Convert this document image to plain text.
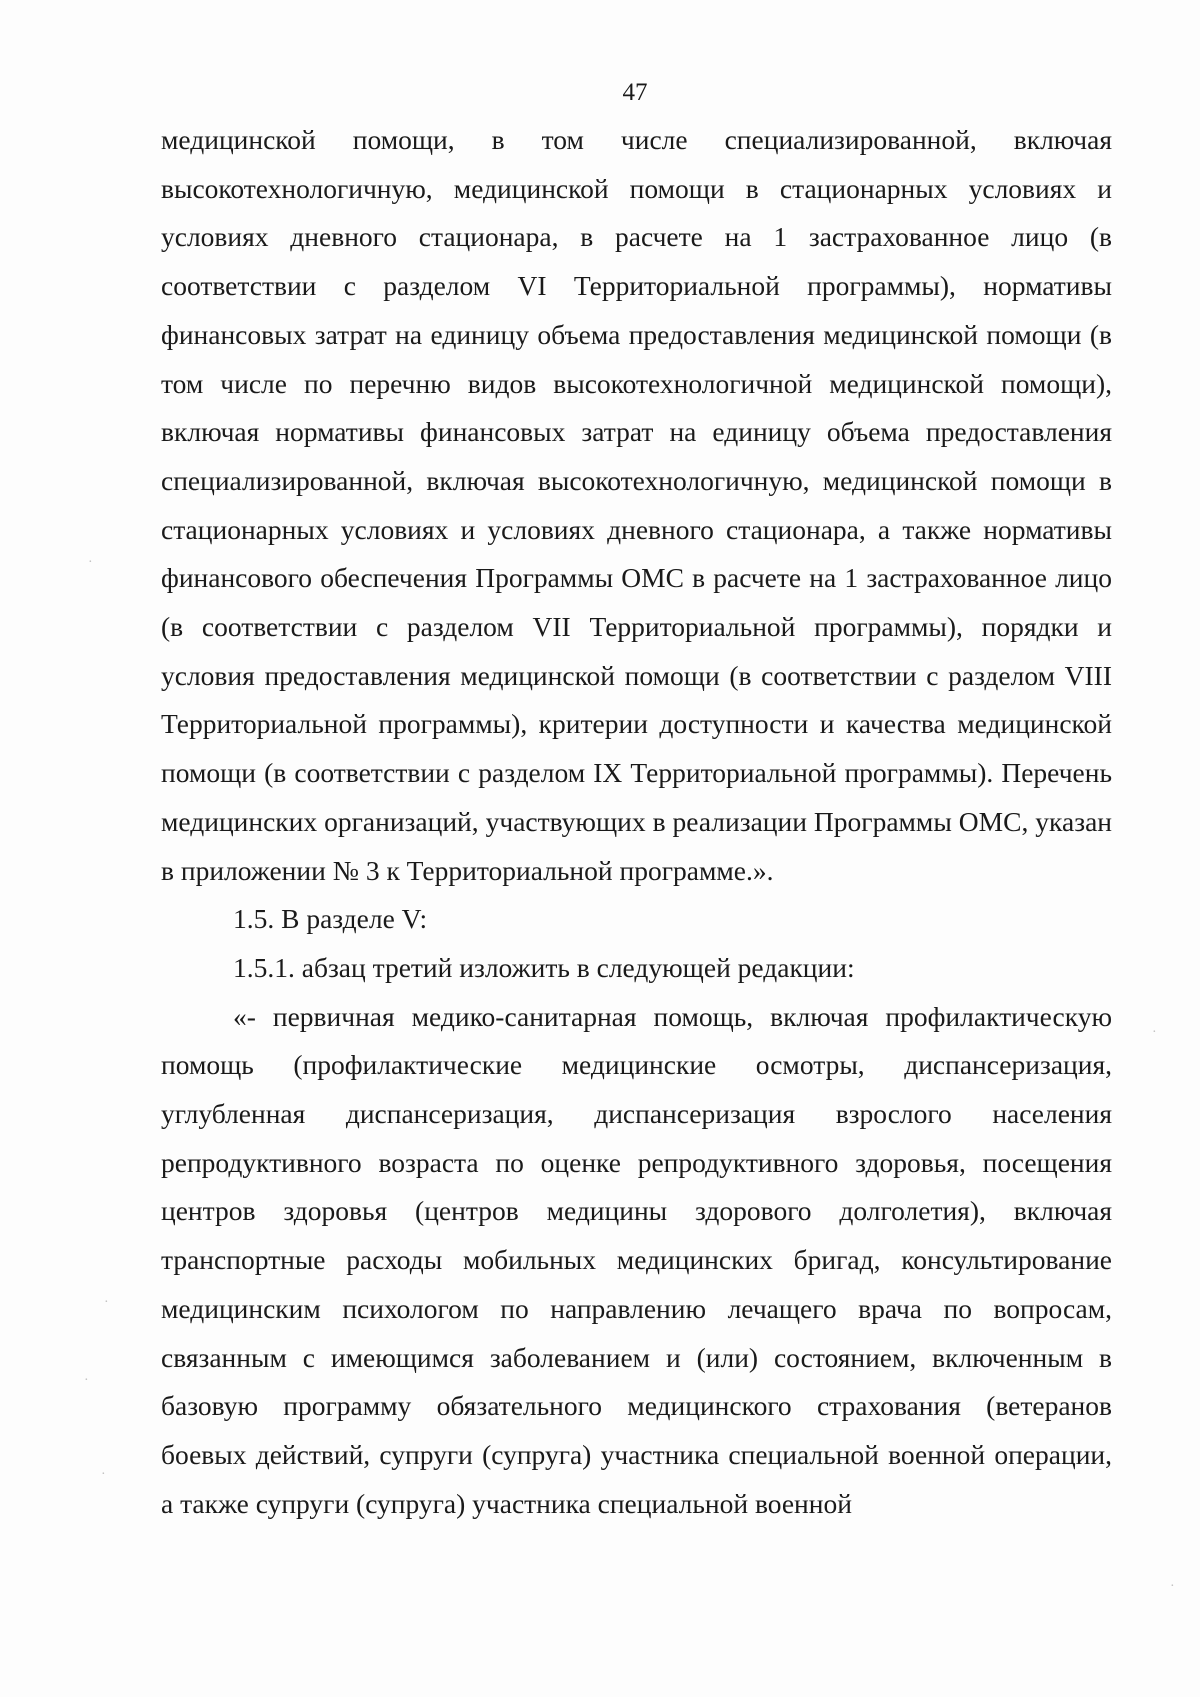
47

медицинской помощи, в том числе специализированной, включая высокотехнологичную, медицинской помощи в стационарных условиях и условиях дневного стационара, в расчете на 1 застрахованное лицо (в соответствии с разделом VI Территориальной программы), нормативы финансовых затрат на единицу объема предоставления медицинской помощи (в том числе по перечню видов высокотехнологичной медицинской помощи), включая нормативы финансовых затрат на единицу объема предоставления специализированной, включая высокотехнологичную, медицинской помощи в стационарных условиях и условиях дневного стационара, а также нормативы финансового обеспечения Программы ОМС в расчете на 1 застрахованное лицо (в соответствии с разделом VII Территориальной программы), порядки и условия предоставления медицинской помощи (в соответствии с разделом VIII Территориальной программы), критерии доступности и качества медицинской помощи (в соответствии с разделом IX Территориальной программы). Перечень медицинских организаций, участвующих в реализации Программы ОМС, указан в приложении № 3 к Территориальной программе.».

1.5. В разделе V:

1.5.1. абзац третий изложить в следующей редакции:

«- первичная медико-санитарная помощь, включая профилактическую помощь (профилактические медицинские осмотры, диспансеризация, углубленная диспансеризация, диспансеризация взрослого населения репродуктивного возраста по оценке репродуктивного здоровья, посещения центров здоровья (центров медицины здорового долголетия), включая транспортные расходы мобильных медицинских бригад, консультирование медицинским психологом по направлению лечащего врача по вопросам, связанным с имеющимся заболеванием и (или) состоянием, включенным в базовую программу обязательного медицинского страхования (ветеранов боевых действий, супруги (супруга) участника специальной военной операции, а также супруги (супруга) участника специальной военной

·
·
·
·
·
·
